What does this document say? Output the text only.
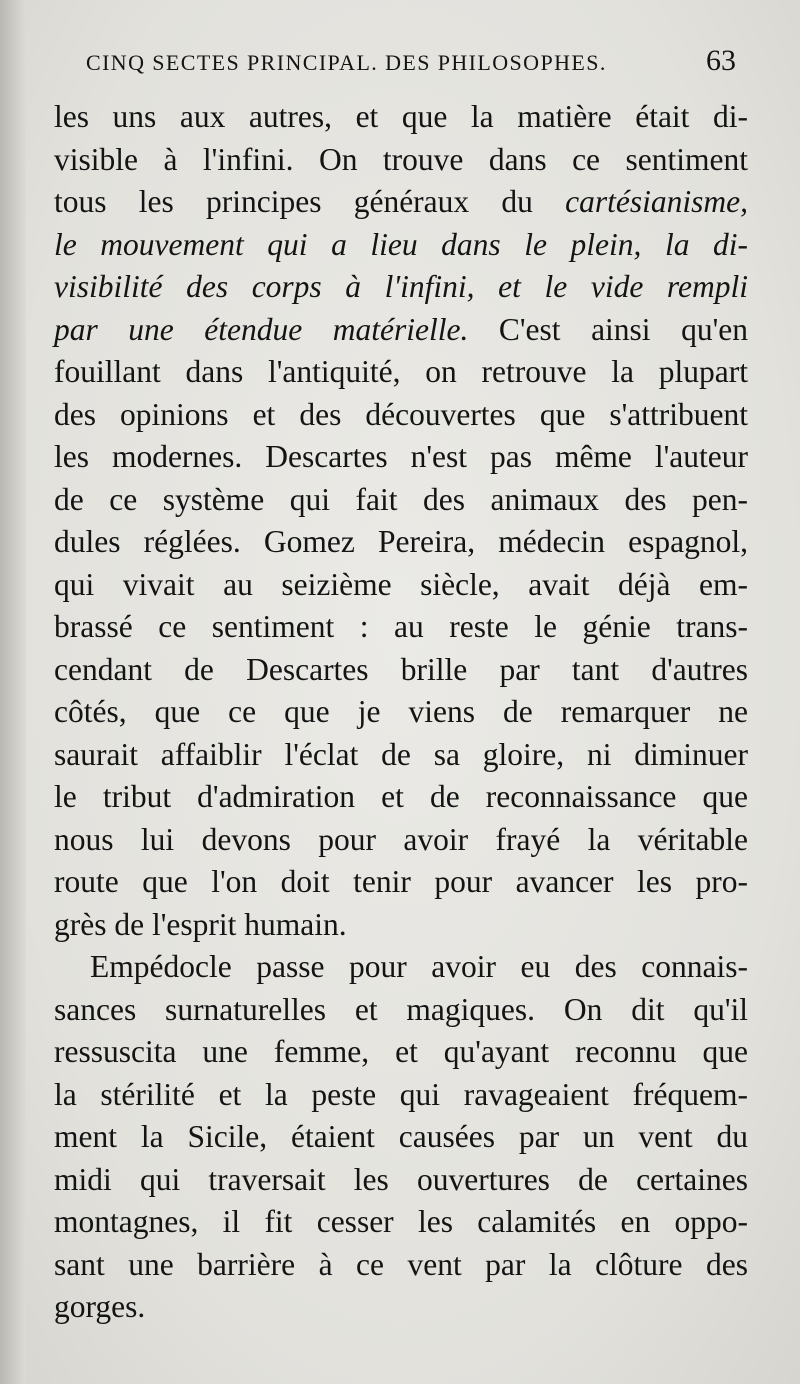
CINQ SECTES PRINCIPAL. DES PHILOSOPHES.	63
les uns aux autres, et que la matière était di-
visible à l'infini. On trouve dans ce sentiment
tous les principes généraux du cartésianisme,
le mouvement qui a lieu dans le plein, la di-
visibilité des corps à l'infini, et le vide rempli
par une étendue matérielle. C'est ainsi qu'en
fouillant dans l'antiquité, on retrouve la plupart
des opinions et des découvertes que s'attribuent
les modernes. Descartes n'est pas même l'auteur
de ce système qui fait des animaux des pen-
dules réglées. Gomez Pereira, médecin espagnol,
qui vivait au seizième siècle, avait déjà em-
brassé ce sentiment : au reste le génie trans-
cendant de Descartes brille par tant d'autres
côtés, que ce que je viens de remarquer ne
saurait affaiblir l'éclat de sa gloire, ni diminuer
le tribut d'admiration et de reconnaissance que
nous lui devons pour avoir frayé la véritable
route que l'on doit tenir pour avancer les pro-
grès de l'esprit humain.
Empédocle passe pour avoir eu des connais-
sances surnaturelles et magiques. On dit qu'il
ressuscita une femme, et qu'ayant reconnu que
la stérilité et la peste qui ravageaient fréquem-
ment la Sicile, étaient causées par un vent du
midi qui traversait les ouvertures de certaines
montagnes, il fit cesser les calamités en oppo-
sant une barrière à ce vent par la clôture des
gorges.
